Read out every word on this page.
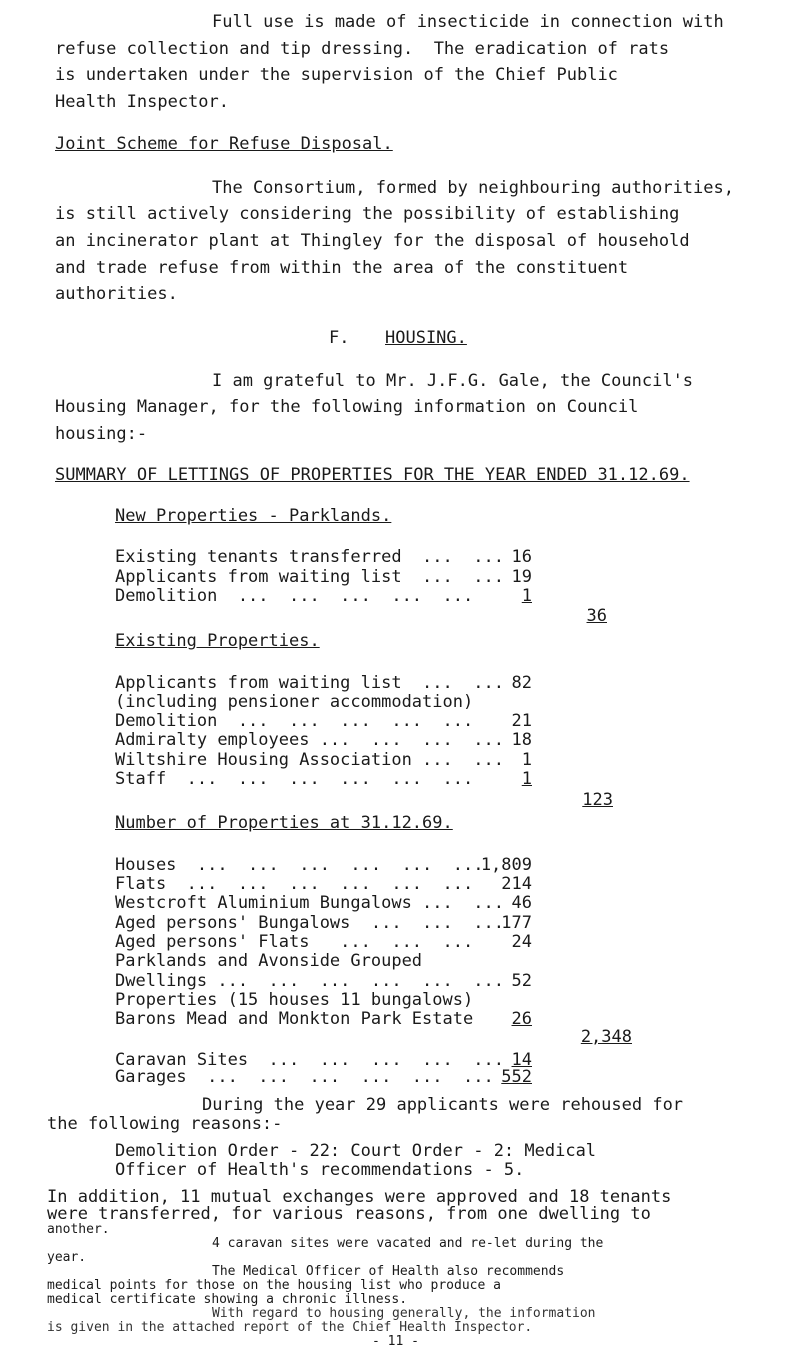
Full use is made of insecticide in connection with
refuse collection and tip dressing.  The eradication of rats
is undertaken under the supervision of the Chief Public
Health Inspector.
Joint Scheme for Refuse Disposal.
The Consortium, formed by neighbouring authorities,
is still actively considering the possibility of establishing
an incinerator plant at Thingley for the disposal of household
and trade refuse from within the area of the constituent
authorities.
F. HOUSING.
I am grateful to Mr. J.F.G. Gale, the Council's
Housing Manager, for the following information on Council
housing:-
SUMMARY OF LETTINGS OF PROPERTIES FOR THE YEAR ENDED 31.12.69.
New Properties - Parklands.
Existing tenants transferred  ...  ... 16
Applicants from waiting list  ...  ... 19
Demolition  ...  ...  ...  ...  ...	1
36
Existing Properties.
Applicants from waiting list  ...  ... 82
(including pensioner accommodation)
Demolition  ...  ...  ...  ...  ... 21
Admiralty employees ...  ...  ...  ... 18
Wiltshire Housing Association ...  ... 1
Staff  ...  ...  ...  ...  ...  ...	1
123
Number of Properties at 31.12.69.
Houses  ...  ...  ...  ...  ...  ...
1,809
Flats  ...  ...  ...  ...  ...  ... 214
Westcroft Aluminium Bungalows ...  ... 46
Aged persons' Bungalows  ...  ...  ...
177
Aged persons' Flats   ...  ...  ... 24
Parklands and Avonside Grouped
Dwellings ...  ...  ...  ...  ...  ... 52
Properties (15 houses 11 bungalows)
Barons Mead and Monkton Park Estate 26
2,348
Caravan Sites  ...  ...  ...  ...  ... 14
Garages  ...  ...  ...  ...  ...  ... 552
During the year 29 applicants were rehoused for
the following reasons:-
Demolition Order - 22: Court Order - 2: Medical
Officer of Health's recommendations - 5.
In addition, 11 mutual exchanges were approved and 18 tenants
were transferred, for various reasons, from one dwelling to
another.
4 caravan sites were vacated and re-let during the
year.
The Medical Officer of Health also recommends
medical points for those on the housing list who produce a
medical certificate showing a chronic illness.
With regard to housing generally, the information
is given in the attached report of the Chief Health Inspector.
- 11 -
